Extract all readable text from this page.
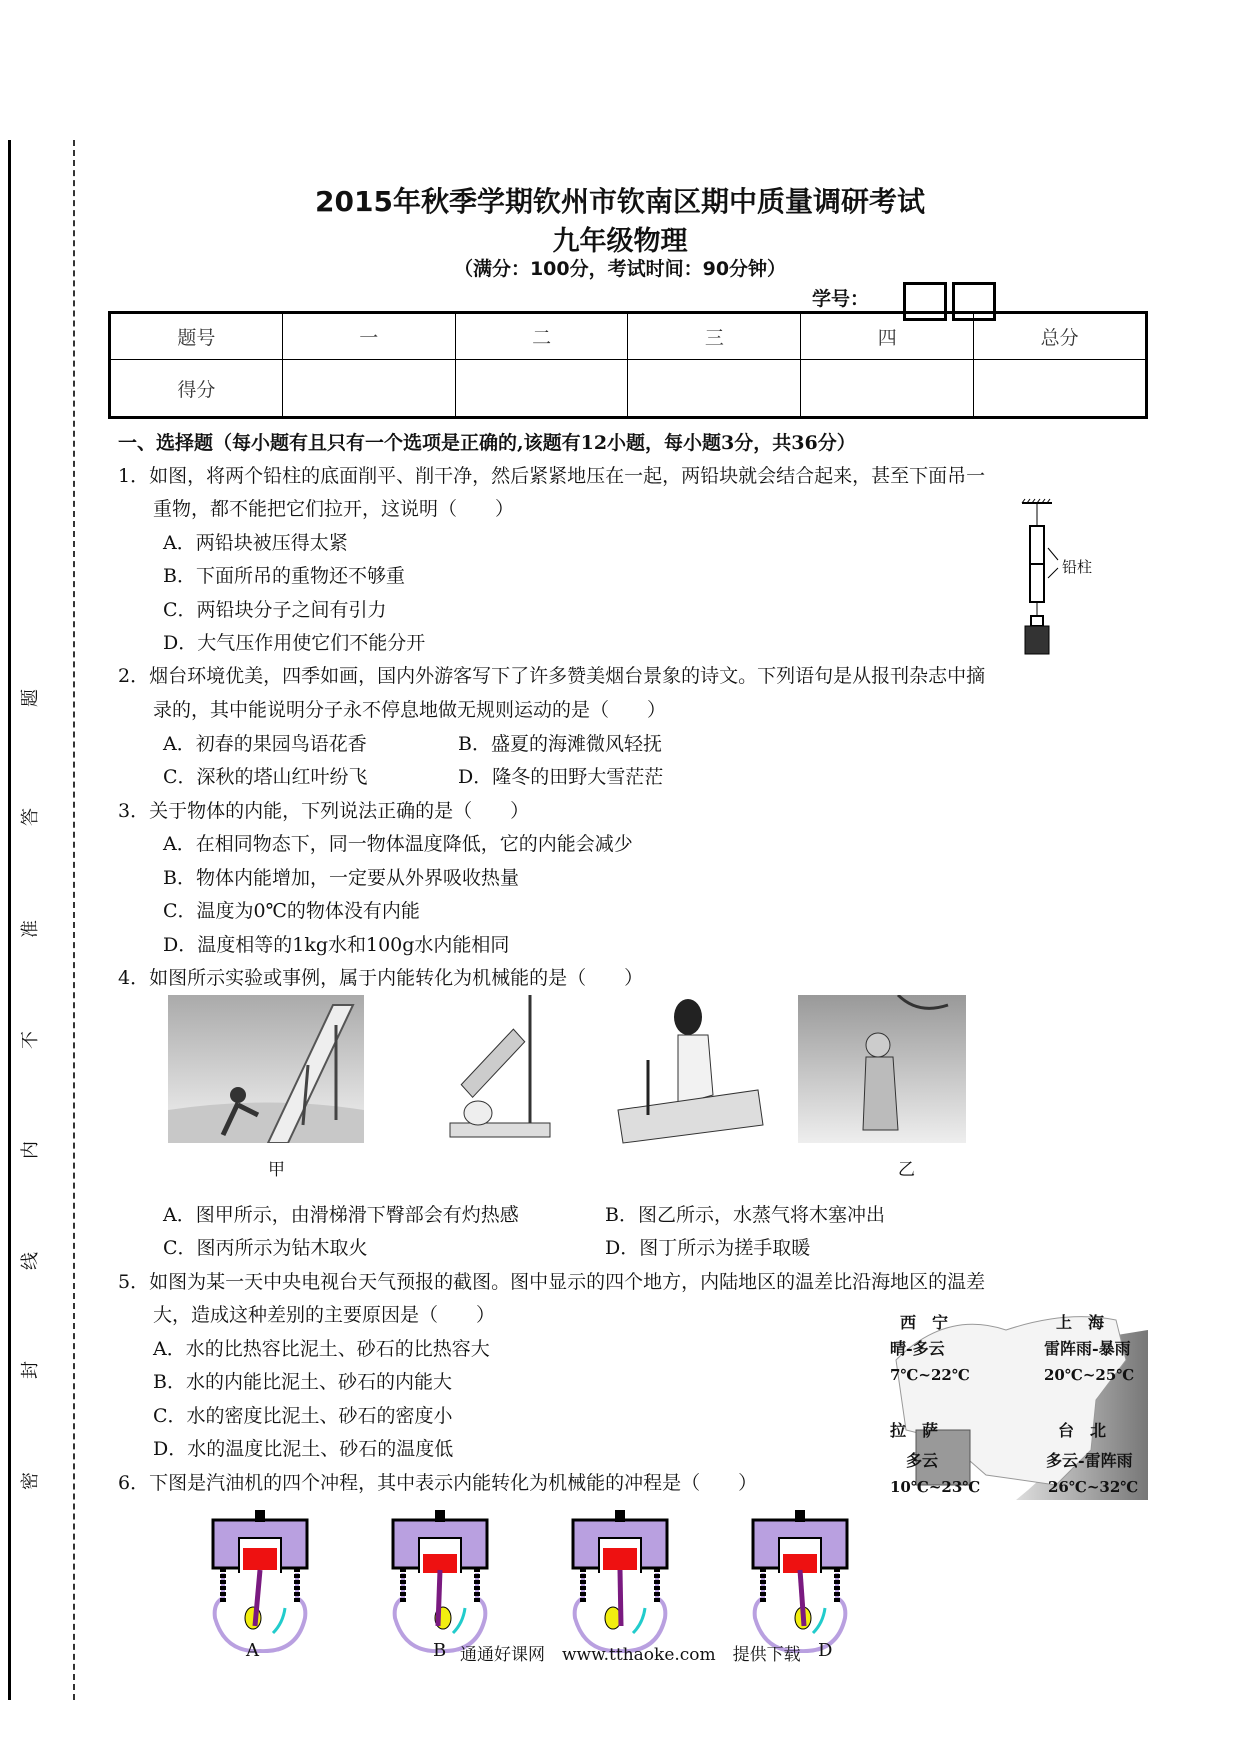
题
答
准
不
内
线
封
密
2015年秋季学期钦州市钦南区期中质量调研考试
九年级物理
（满分：100分，考试时间：90分钟）
学号：
题号	一	二	三	四	总分
得分					
一、选择题（每小题有且只有一个选项是正确的,该题有12小题，每小题3分，共36分）
1．如图，将两个铅柱的底面削平、削干净，然后紧紧地压在一起，两铅块就会结合起来，甚至下面吊一
重物，都不能把它们拉开，这说明（　　）
A．两铅块被压得太紧
B．下面所吊的重物还不够重
C．两铅块分子之间有引力
D．大气压作用使它们不能分开
铅柱
2．烟台环境优美，四季如画，国内外游客写下了许多赞美烟台景象的诗文。下列语句是从报刊杂志中摘
录的，其中能说明分子永不停息地做无规则运动的是（　　）
A．初春的果园鸟语花香	B．盛夏的海滩微风轻抚
C．深秋的塔山红叶纷飞	D．隆冬的田野大雪茫茫
3．关于物体的内能，下列说法正确的是（　　）
A．在相同物态下，同一物体温度降低，它的内能会减少
B．物体内能增加，一定要从外界吸收热量
C．温度为0℃的物体没有内能
D．温度相等的1kg水和100g水内能相同
4．如图所示实验或事例，属于内能转化为机械能的是（　　）
甲	乙
A．图甲所示，由滑梯滑下臀部会有灼热感	B．图乙所示，水蒸气将木塞冲出
C．图丙所示为钻木取火	D．图丁所示为搓手取暖
5．如图为某一天中央电视台天气预报的截图。图中显示的四个地方，内陆地区的温差比沿海地区的温差
大，造成这种差别的主要原因是（　　）
A．水的比热容比泥土、砂石的比热容大
B．水的内能比泥土、砂石的内能大
C．水的密度比泥土、砂石的密度小
D．水的温度比泥土、砂石的温度低
西　宁
晴-多云
7℃~22℃
上　海
雷阵雨-暴雨
20℃~25℃
拉　萨
多云
10℃~23℃
台　北
多云-雷阵雨
26℃~32℃
6．下图是汽油机的四个冲程，其中表示内能转化为机械能的冲程是（　　）
A	B 通通好课网　www.tthaoke.com　提供下载 D
